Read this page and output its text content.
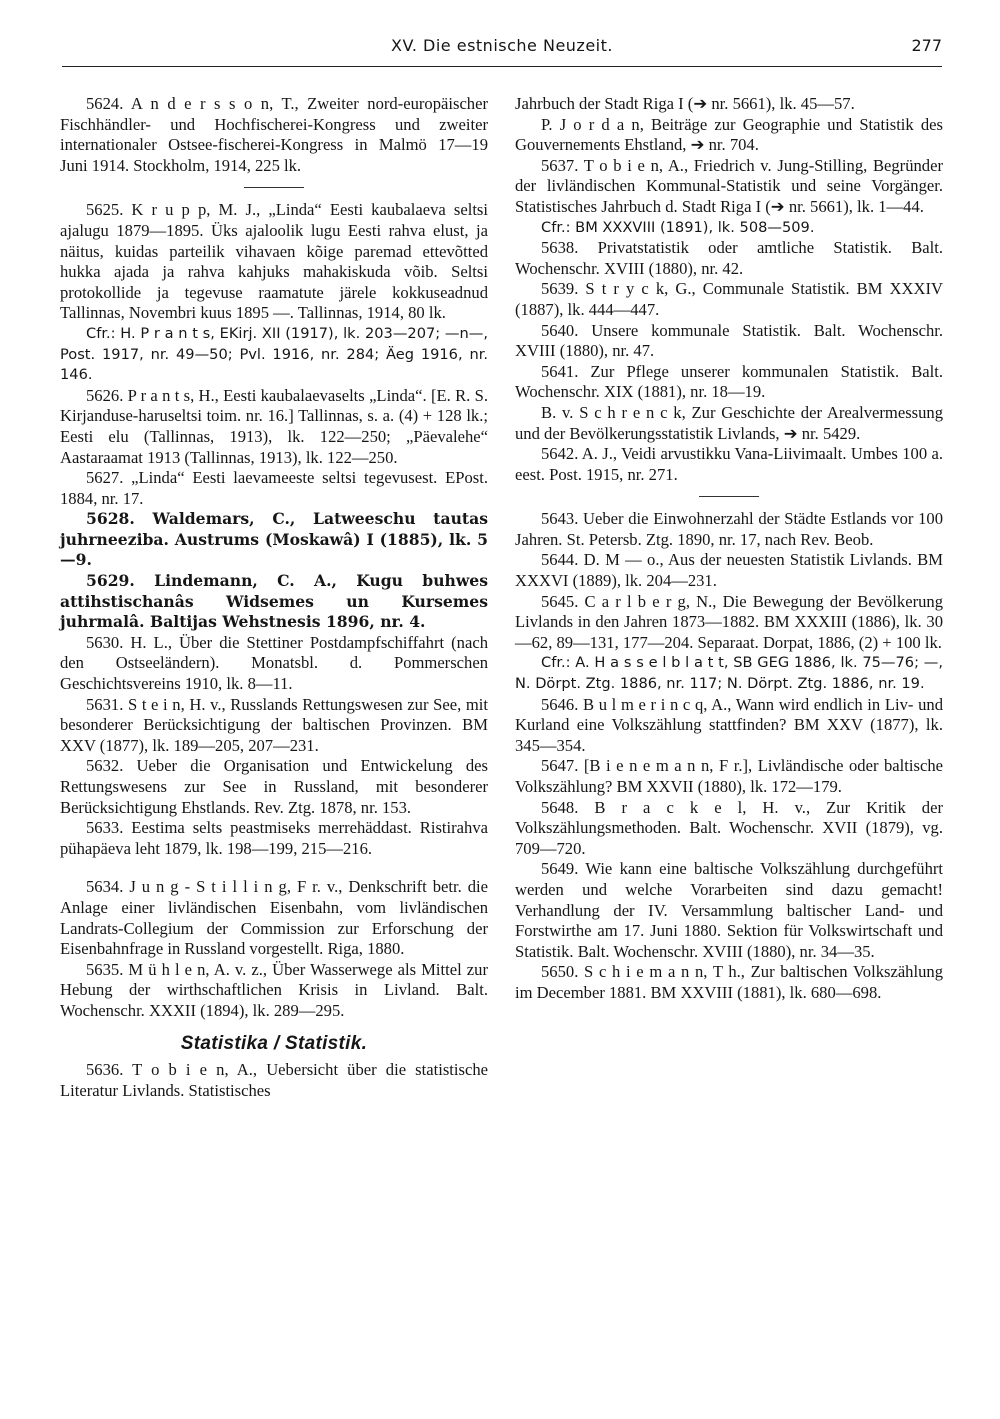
XV. Die estnische Neuzeit.	277

5624. A n d e r s s o n, T., Zweiter nord-europäischer Fischhändler- und Hochfischerei-Kongress und zweiter internationaler Ostsee-fischerei-Kongress in Malmö 17—19 Juni 1914. Stockholm, 1914, 225 lk.

5625. K r u p p, M. J., „Linda“ Eesti kaubalaeva seltsi ajalugu 1879—1895. Üks ajaloolik lugu Eesti rahva elust, ja näitus, kuidas parteilik vihavaen kõige paremad ettevõtted hukka ajada ja rahva kahjuks mahakiskuda võib. Seltsi protokollide ja tegevuse raamatute järele kokkuseadnud Tallinnas, Novembri kuus 1895 —. Tallinnas, 1914, 80 lk.

Cfr.: H. P r a n t s, EKirj. XII (1917), lk. 203—207; —n—, Post. 1917, nr. 49—50; Pvl. 1916, nr. 284; Äeg 1916, nr. 146.

5626. P r a n t s, H., Eesti kaubalaevaselts „Linda“. [E. R. S. Kirjanduse-haruseltsi toim. nr. 16.] Tallinnas, s. a. (4) + 128 lk.; Eesti elu (Tallinnas, 1913), lk. 122—250; „Päevalehe“ Aastaraamat 1913 (Tallinnas, 1913), lk. 122—250.

5627. „Linda“ Eesti laevameeste seltsi tegevusest. EPost. 1884, nr. 17.

5628. Waldemars, C., Latweeschu tautas juhrneeziba. Austrums (Moskawâ) I (1885), lk. 5—9.

5629. Lindemann, C. A., Kugu buhwes attihstischanâs Widsemes un Kursemes juhrmalâ. Baltijas Wehstnesis 1896, nr. 4.

5630. H. L., Über die Stettiner Postdampfschiffahrt (nach den Ostseeländern). Monatsbl. d. Pommerschen Geschichtsvereins 1910, lk. 8—11.

5631. S t e i n, H. v., Russlands Rettungswesen zur See, mit besonderer Berücksichtigung der baltischen Provinzen. BM XXV (1877), lk. 189—205, 207—231.

5632. Ueber die Organisation und Entwickelung des Rettungswesens zur See in Russland, mit besonderer Berücksichtigung Ehstlands. Rev. Ztg. 1878, nr. 153.

5633. Eestima selts peastmiseks merrehäddast. Ristirahva pühapäeva leht 1879, lk. 198—199, 215—216.

5634. J u n g - S t i l l i n g, F r. v., Denkschrift betr. die Anlage einer livländischen Eisenbahn, vom livländischen Landrats-Collegium der Commission zur Erforschung der Eisenbahnfrage in Russland vorgestellt. Riga, 1880.

5635. M ü h l e n, A. v. z., Über Wasserwege als Mittel zur Hebung der wirthschaftlichen Krisis in Livland. Balt. Wochenschr. XXXII (1894), lk. 289—295.

Statistika / Statistik.

5636. T o b i e n, A., Uebersicht über die statistische Literatur Livlands. Statistisches

Jahrbuch der Stadt Riga I (➔ nr. 5661), lk. 45—57.

P. J o r d a n, Beiträge zur Geographie und Statistik des Gouvernements Ehstland, ➔ nr. 704.

5637. T o b i e n, A., Friedrich v. Jung-Stilling, Begründer der livländischen Kommunal-Statistik und seine Vorgänger. Statistisches Jahrbuch d. Stadt Riga I (➔ nr. 5661), lk. 1—44.

Cfr.: BM XXXVIII (1891), lk. 508—509.

5638. Privatstatistik oder amtliche Statistik. Balt. Wochenschr. XVIII (1880), nr. 42.

5639. S t r y c k, G., Communale Statistik. BM XXXIV (1887), lk. 444—447.

5640. Unsere kommunale Statistik. Balt. Wochenschr. XVIII (1880), nr. 47.

5641. Zur Pflege unserer kommunalen Statistik. Balt. Wochenschr. XIX (1881), nr. 18—19.

B. v. S c h r e n c k, Zur Geschichte der Arealvermessung und der Bevölkerungsstatistik Livlands, ➔ nr. 5429.

5642. A. J., Veidi arvustikku Vana-Liivimaalt. Umbes 100 a. eest. Post. 1915, nr. 271.

5643. Ueber die Einwohnerzahl der Städte Estlands vor 100 Jahren. St. Petersb. Ztg. 1890, nr. 17, nach Rev. Beob.

5644. D. M — o., Aus der neuesten Statistik Livlands. BM XXXVI (1889), lk. 204—231.

5645. C a r l b e r g, N., Die Bewegung der Bevölkerung Livlands in den Jahren 1873—1882. BM XXXIII (1886), lk. 30—62, 89—131, 177—204. Separaat. Dorpat, 1886, (2) + 100 lk.

Cfr.: A. H a s s e l b l a t t, SB GEG 1886, lk. 75—76; —, N. Dörpt. Ztg. 1886, nr. 117; N. Dörpt. Ztg. 1886, nr. 19.

5646. B u l m e r i n c q, A., Wann wird endlich in Liv- und Kurland eine Volkszählung stattfinden? BM XXV (1877), lk. 345—354.

5647. [B i e n e m a n n, F r.], Livländische oder baltische Volkszählung? BM XXVII (1880), lk. 172—179.

5648. B r a c k e l, H. v., Zur Kritik der Volkszählungsmethoden. Balt. Wochenschr. XVII (1879), vg. 709—720.

5649. Wie kann eine baltische Volkszählung durchgeführt werden und welche Vorarbeiten sind dazu gemacht! Verhandlung der IV. Versammlung baltischer Land- und Forstwirthe am 17. Juni 1880. Sektion für Volkswirtschaft und Statistik. Balt. Wochenschr. XVIII (1880), nr. 34—35.

5650. S c h i e m a n n, T h., Zur baltischen Volkszählung im December 1881. BM XXVIII (1881), lk. 680—698.
